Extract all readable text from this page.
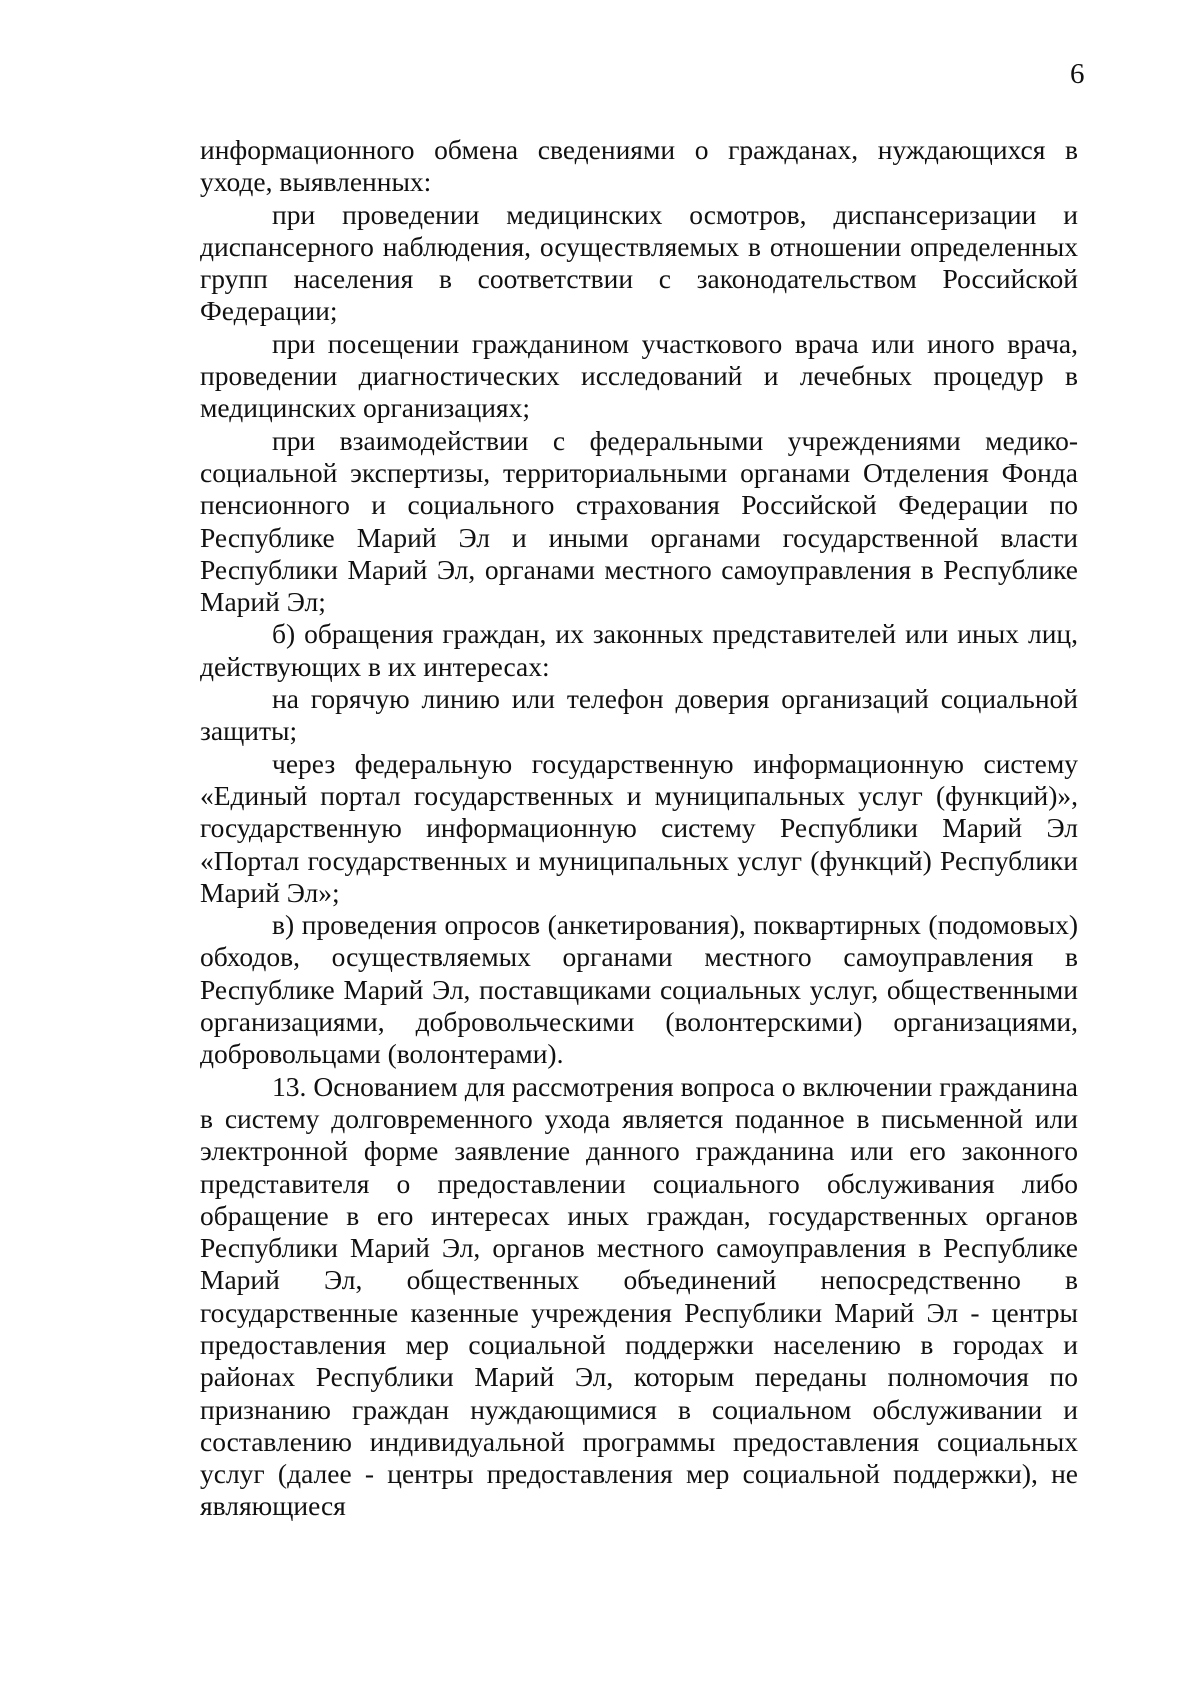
6

информационного обмена сведениями о гражданах, нуждающихся в уходе, выявленных:

при проведении медицинских осмотров, диспансеризации и диспансерного наблюдения, осуществляемых в отношении определенных групп населения в соответствии с законодательством Российской Федерации;

при посещении гражданином участкового врача или иного врача, проведении диагностических исследований и лечебных процедур в медицинских организациях;

при взаимодействии с федеральными учреждениями медико-социальной экспертизы, территориальными органами Отделения Фонда пенсионного и социального страхования Российской Федерации по Республике Марий Эл и иными органами государственной власти Республики Марий Эл, органами местного самоуправления в Республике Марий Эл;

б) обращения граждан, их законных представителей или иных лиц, действующих в их интересах:

на горячую линию или телефон доверия организаций социальной защиты;

через федеральную государственную информационную систему «Единый портал государственных и муниципальных услуг (функций)», государственную информационную систему Республики Марий Эл «Портал государственных и муниципальных услуг (функций) Республики Марий Эл»;

в) проведения опросов (анкетирования), поквартирных (подомовых) обходов, осуществляемых органами местного самоуправления в Республике Марий Эл, поставщиками социальных услуг, общественными организациями, добровольческими (волонтерскими) организациями, добровольцами (волонтерами).

13. Основанием для рассмотрения вопроса о включении гражданина в систему долговременного ухода является поданное в письменной или электронной форме заявление данного гражданина или его законного представителя о предоставлении социального обслуживания либо обращение в его интересах иных граждан, государственных органов Республики Марий Эл, органов местного самоуправления в Республике Марий Эл, общественных объединений непосредственно в государственные казенные учреждения Республики Марий Эл - центры предоставления мер социальной поддержки населению в городах и районах Республики Марий Эл, которым переданы полномочия по признанию граждан нуждающимися в социальном обслуживании и составлению индивидуальной программы предоставления социальных услуг (далее - центры предоставления мер социальной поддержки), не являющиеся
